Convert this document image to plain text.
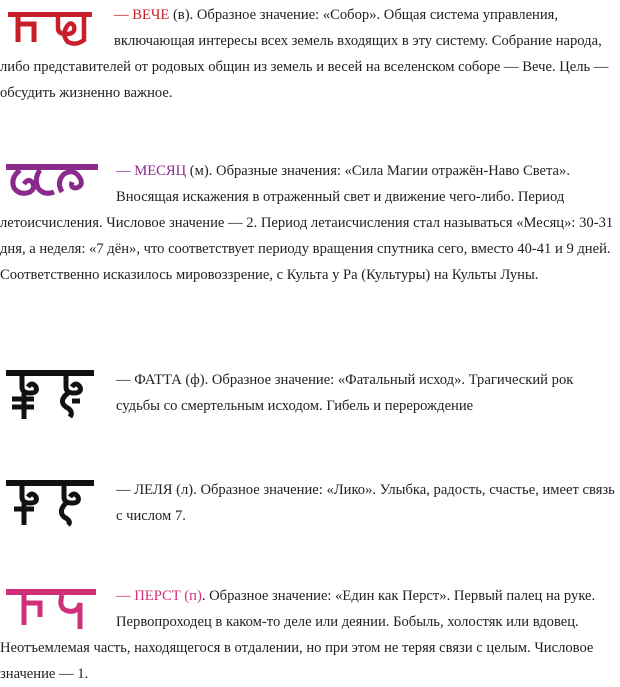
— ВЕЧЕ (в). Образное значение: «Собор». Общая система управления, включающая интересы всех земель входящих в эту систему. Собрание народа, либо представителей от родовых общин из земель и весей на вселенском соборе — Вече. Цель — обсудить жизненно важное.

— МЕСЯЦ (м). Образные значения: «Сила Магии отражён-Наво Света». Вносящая искажения в отраженный свет и движение чего-либо. Период летоисчисления. Числовое значение — 2. Период летаисчисления стал называться «Месяц»: 30-31 дня, а неделя: «7 дён», что соответствует периоду вращения спутника сего, вместо 40-41 и 9 дней. Соответственно исказилось мировоззрение, с Культа у Ра (Культуры) на Культы Луны.

— ФАТТА (ф). Образное значение: «Фатальный исход». Трагический рок судьбы со смертельным исходом. Гибель и перерождение

— ЛЕЛЯ (л). Образное значение: «Лико». Улыбка, радость, счастье, имеет связь с числом 7.

— ПЕРСТ (п). Образное значение: «Един как Перст». Первый палец на руке. Первопроходец в каком-то деле или деянии. Бобыль, холостяк или вдовец. Неотъемлемая часть, находящегося в отдалении, но при этом не теряя связи с целым. Числовое значение — 1.
